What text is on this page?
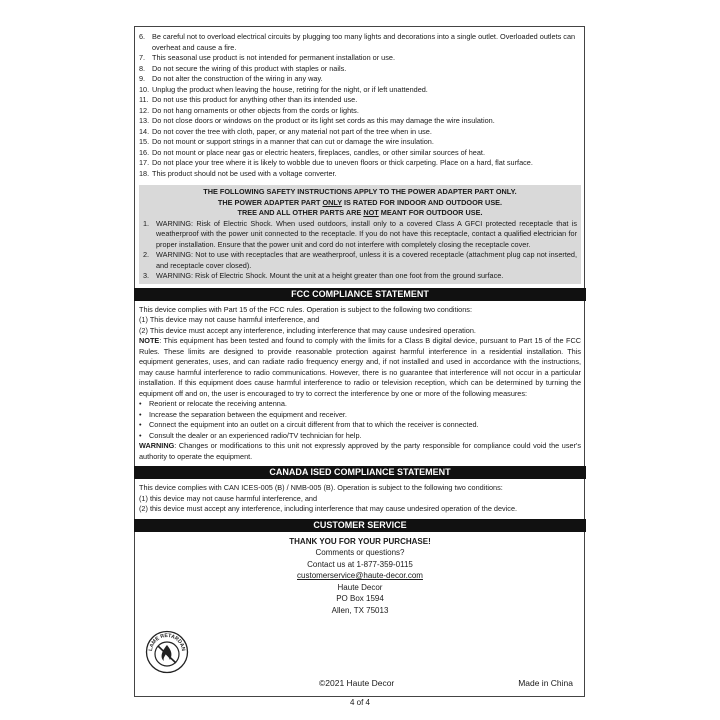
6. Be careful not to overload electrical circuits by plugging too many lights and decorations into a single outlet. Overloaded outlets can overheat and cause a fire.
7. This seasonal use product is not intended for permanent installation or use.
8. Do not secure the wiring of this product with staples or nails.
9. Do not alter the construction of the wiring in any way.
10. Unplug the product when leaving the house, retiring for the night, or if left unattended.
11. Do not use this product for anything other than its intended use.
12. Do not hang ornaments or other objects from the cords or lights.
13. Do not close doors or windows on the product or its light set cords as this may damage the wire insulation.
14. Do not cover the tree with cloth, paper, or any material not part of the tree when in use.
15. Do not mount or support strings in a manner that can cut or damage the wire insulation.
16. Do not mount or place near gas or electric heaters, fireplaces, candles, or other similar sources of heat.
17. Do not place your tree where it is likely to wobble due to uneven floors or thick carpeting. Place on a hard, flat surface.
18. This product should not be used with a voltage converter.
THE FOLLOWING SAFETY INSTRUCTIONS APPLY TO THE POWER ADAPTER PART ONLY.
THE POWER ADAPTER PART ONLY IS RATED FOR INDOOR AND OUTDOOR USE.
TREE AND ALL OTHER PARTS ARE NOT MEANT FOR OUTDOOR USE.
1. WARNING: Risk of Electric Shock. When used outdoors, install only to a covered Class A GFCI protected receptacle that is weatherproof with the power unit connected to the receptacle. If you do not have this receptacle, contact a qualified electrician for proper installation. Ensure that the power unit and cord do not interfere with completely closing the receptacle cover.
2. WARNING: Not to use with receptacles that are weatherproof, unless it is a covered receptacle (attachment plug cap not inserted, and receptacle cover closed).
3. WARNING: Risk of Electric Shock. Mount the unit at a height greater than one foot from the ground surface.
FCC COMPLIANCE STATEMENT

This device complies with Part 15 of the FCC rules. Operation is subject to the following two conditions:

(1) This device may not cause harmful interference, and

(2) This device must accept any interference, including interference that may cause undesired operation.

NOTE: This equipment has been tested and found to comply with the limits for a Class B digital device, pursuant to Part 15 of the FCC Rules. These limits are designed to provide reasonable protection against harmful interference in a residential installation. This equipment generates, uses, and can radiate radio frequency energy and, if not installed and used in accordance with the instructions, may cause harmful interference to radio communications. However, there is no guarantee that interference will not occur in a particular installation. If this equipment does cause harmful interference to radio or television reception, which can be determined by turning the equipment off and on, the user is encouraged to try to correct the interference by one or more of the following measures:

•	Reorient or relocate the receiving antenna.
•	Increase the separation between the equipment and receiver.
•	Connect the equipment into an outlet on a circuit different from that to which the receiver is connected.
•	Consult the dealer or an experienced radio/TV technician for help.

WARNING: Changes or modifications to this unit not expressly approved by the party responsible for compliance could void the user's authority to operate the equipment.

CANADA ISED COMPLIANCE STATEMENT

This device complies with CAN ICES-005 (B) / NMB-005 (B). Operation is subject to the following two conditions:

(1) this device may not cause harmful interference, and

(2) this device must accept any interference, including interference that may cause undesired operation of the device.

CUSTOMER SERVICE
THANK YOU FOR YOUR PURCHASE!
Comments or questions?
Contact us at 1-877-359-0115
customerservice@haute-decor.com
Haute Decor
PO Box 1594
Allen, TX 75013
LAME RETARDAN
©2021 Haute Decor	Made in China
4 of 4
